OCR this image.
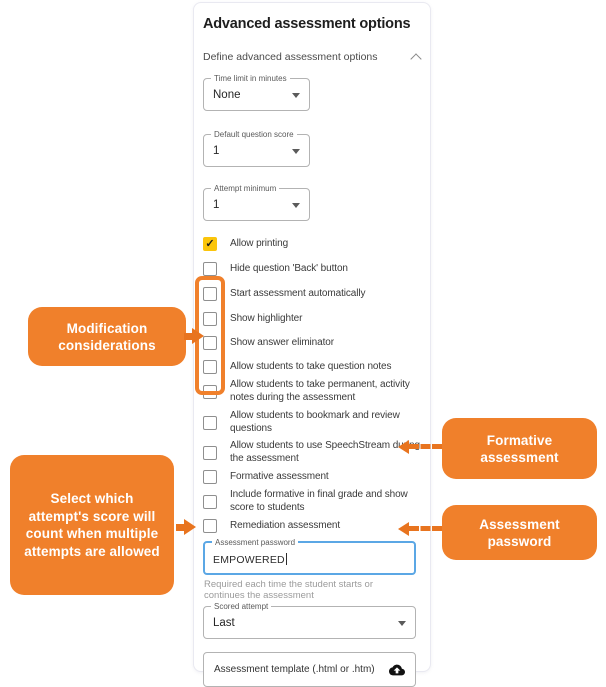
Advanced assessment options
Define advanced assessment options
Time limit in minutes
None
Default question score
1
Attempt minimum
1
✓ Allow printing
Hide question 'Back' button
Start assessment automatically
Show highlighter
Show answer eliminator
Allow students to take question notes
Allow students to take permanent, activity notes during the assessment
Allow students to bookmark and review questions
Allow students to use SpeechStream during the assessment
Formative assessment
Include formative in final grade and show score to students
Remediation assessment
Assessment password
EMPOWERED
Required each time the student starts or continues the assessment
Scored attempt
Last
Assessment template (.html or .htm)
Modification considerations
Select which attempt's score will count when multiple attempts are allowed
Formative assessment
Assessment password
